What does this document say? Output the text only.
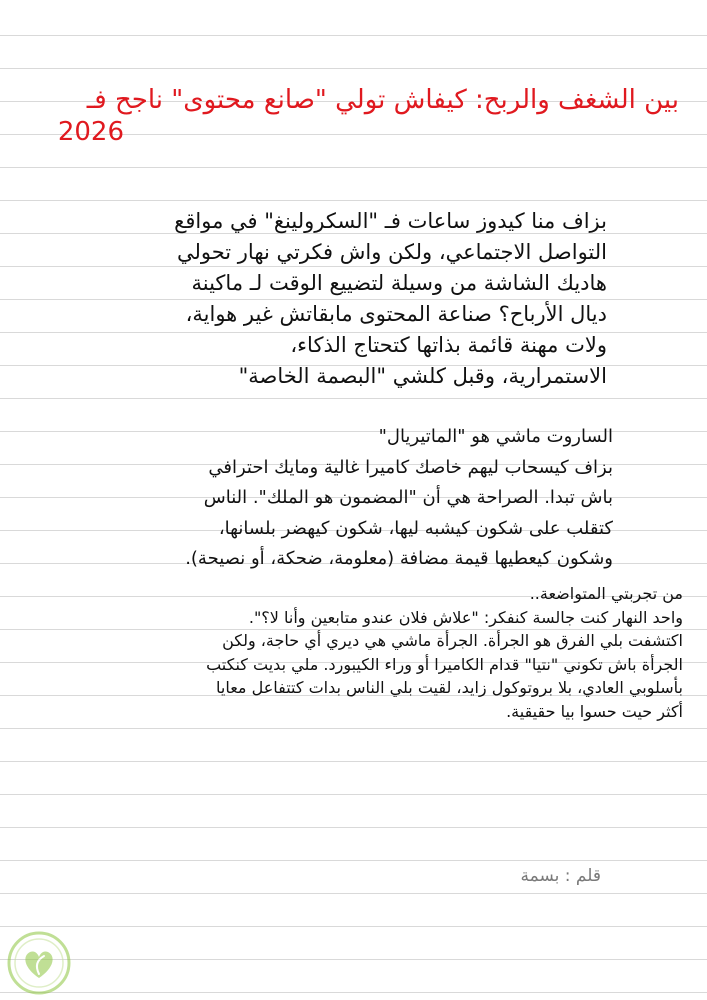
بين الشغف والربح: كيفاش تولي "صانع محتوى" ناجح فـ
2026
بزاف منا كيدوز ساعات فـ "السكرولينغ" في مواقع
التواصل الاجتماعي، ولكن واش فكرتي نهار تحولي
هاديك الشاشة من وسيلة لتضييع الوقت لـ ماكينة
ديال الأرباح؟ صناعة المحتوى مابقاتش غير هواية،
ولات مهنة قائمة بذاتها كتحتاج الذكاء،
الاستمرارية، وقبل كلشي "البصمة الخاصة"
الساروت ماشي هو "الماتيريال"
بزاف كيسحاب ليهم خاصك كاميرا غالية ومايك احترافي
باش تبدا. الصراحة هي أن "المضمون هو الملك". الناس
كتقلب على شكون كيشبه ليها، شكون كيهضر بلسانها،
وشكون كيعطيها قيمة مضافة (معلومة، ضحكة، أو نصيحة).
من تجربتي المتواضعة..
واحد النهار كنت جالسة كنفكر: "علاش فلان عندو متابعين وأنا لا؟".
اكتشفت بلي الفرق هو الجرأة. الجرأة ماشي هي ديري أي حاجة، ولكن
الجرأة باش تكوني "نتيا" قدام الكاميرا أو وراء الكيبورد. ملي بديت كنكتب
بأسلوبي العادي، بلا بروتوكول زايد، لقيت بلي الناس بدات كتتفاعل معايا
أكثر حيت حسوا بيا حقيقية.

قلم : بسمة
